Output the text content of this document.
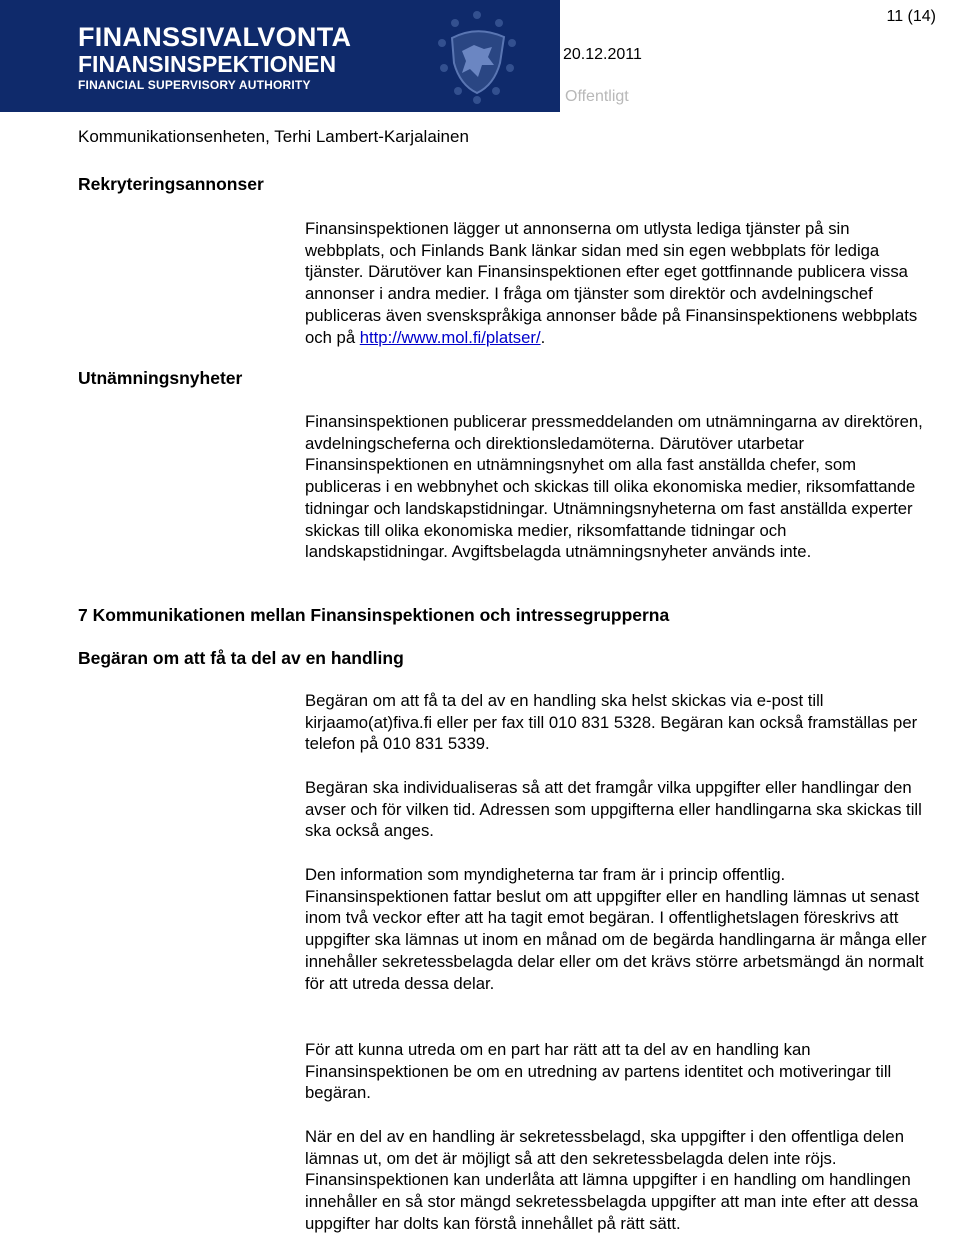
FINANSSIVALVONTA
FINANSINSPEKTIONEN
FINANCIAL SUPERVISORY AUTHORITY
11 (14)
20.12.2011
Offentligt
Kommunikationsenheten, Terhi Lambert-Karjalainen
Rekryteringsannonser

Finansinspektionen lägger ut annonserna om utlysta lediga tjänster på sin webbplats, och Finlands Bank länkar sidan med sin egen webbplats för lediga tjänster. Därutöver kan Finansinspektionen efter eget gottfinnande publicera vissa annonser i andra medier. I fråga om tjänster som direktör och avdelningschef publiceras även svenskspråkiga annonser både på Finansinspektionens webbplats och på http://www.mol.fi/platser/.

Utnämningsnyheter

Finansinspektionen publicerar pressmeddelanden om utnämningarna av direktören, avdelningscheferna och direktionsledamöterna. Därutöver utarbetar Finansinspektionen en utnämningsnyhet om alla fast anställda chefer, som publiceras i en webbnyhet och skickas till olika ekonomiska medier, riksomfattande tidningar och landskapstidningar. Utnämningsnyheterna om fast anställda experter skickas till olika ekonomiska medier, riksomfattande tidningar och landskapstidningar. Avgiftsbelagda utnämningsnyheter används inte.

7 Kommunikationen mellan Finansinspektionen och intressegrupperna
Begäran om att få ta del av en handling

Begäran om att få ta del av en handling ska helst skickas via e-post till kirjaamo(at)fiva.fi eller per fax till 010 831 5328. Begäran kan också framställas per telefon på 010 831 5339.

Begäran ska individualiseras så att det framgår vilka uppgifter eller handlingar den avser och för vilken tid. Adressen som uppgifterna eller handlingarna ska skickas till ska också anges.

Den information som myndigheterna tar fram är i princip offentlig. Finansinspektionen fattar beslut om att uppgifter eller en handling lämnas ut senast inom två veckor efter att ha tagit emot begäran. I offentlighetslagen föreskrivs att uppgifter ska lämnas ut inom en månad om de begärda handlingarna är många eller innehåller sekretessbelagda delar eller om det krävs större arbetsmängd än normalt för att utreda dessa delar.

För att kunna utreda om en part har rätt att ta del av en handling kan Finansinspektionen be om en utredning av partens identitet och motiveringar till begäran.

När en del av en handling är sekretessbelagd, ska uppgifter i den offentliga delen lämnas ut, om det är möjligt så att den sekretessbelagda delen inte röjs. Finansinspektionen kan underlåta att lämna uppgifter i en handling om handlingen innehåller en så stor mängd sekretessbelagda uppgifter att man inte efter att dessa uppgifter har dolts kan förstå innehållet på rätt sätt.
